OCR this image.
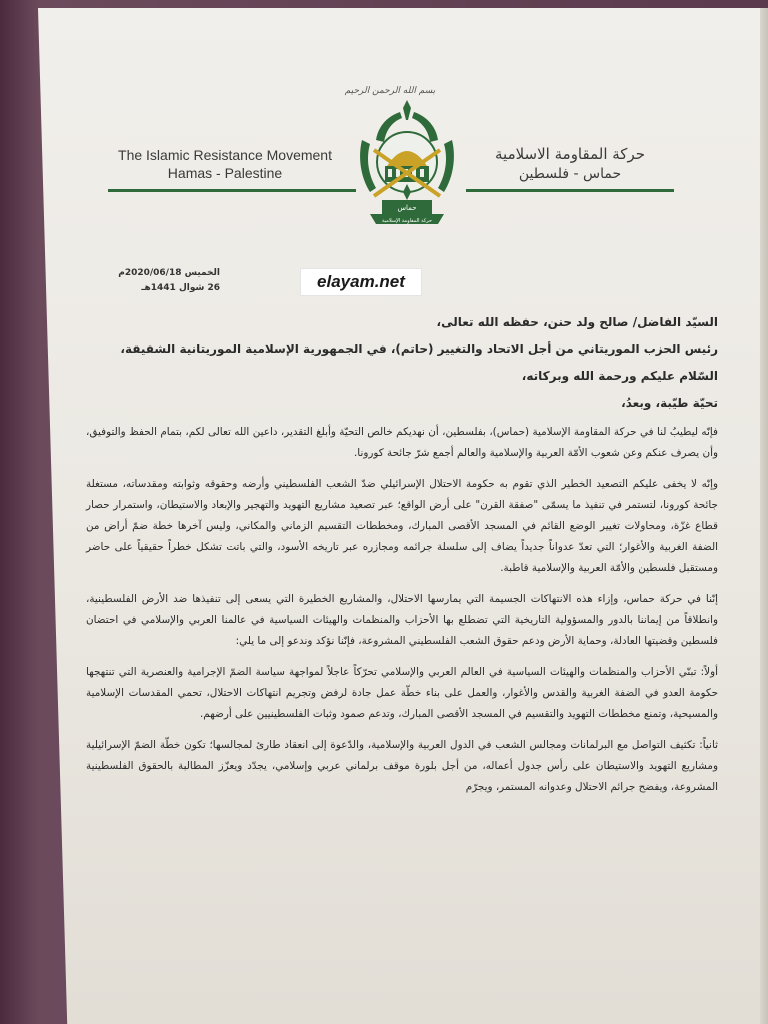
بسم الله الرحمن الرحيم
The Islamic Resistance Movement
Hamas - Palestine
حركة المقاومة الاسلامية
حماس - فلسطين
حماس
حركة المقاومة الإسلامية
الخميس 2020/06/18م
26 شوال 1441هـ	elayam.net

السيّد الفاضل/ صالح ولد حنن، حفظه الله تعالى،

رئيس الحزب الموريتاني من أجل الاتحاد والتغيير (حاتم)، في الجمهورية الإسلامية الموريتانية الشقيقة،

السّلام عليكم ورحمة الله وبركاته،

تحيّة طيّبة، وبعدُ،

فإنّه ليطيبُ لنا في حركة المقاومة الإسلامية (حماس)، بفلسطين، أن نهديكم خالص التحيّة وأبلغ التقدير، داعين الله تعالى لكم، بتمام الحفظ والتوفيق، وأن يصرف عنكم وعن شعوب الأمّة العربية والإسلامية والعالم أجمع شرّ جائحة كورونا.

وإنّه لا يخفى عليكم التصعيد الخطير الذي تقوم به حكومة الاحتلال الإسرائيلي ضدّ الشعب الفلسطيني وأرضه وحقوقه وثوابته ومقدساته، مستغلة جائحة كورونا، لتستمر في تنفيذ ما يسمّى "صفقة القرن" على أرض الواقع؛ عبر تصعيد مشاريع التهويد والتهجير والإبعاد والاستيطان، واستمرار حصار قطاع غزّة، ومحاولات تغيير الوضع القائم في المسجد الأقصى المبارك، ومخططات التقسيم الزماني والمكاني، وليس آخرها خطة ضمّ أراض من الضفة الغربية والأغوار؛ التي تعدّ عدواناً جديداً يضاف إلى سلسلة جرائمه ومجازره عبر تاريخه الأسود، والتي باتت تشكل خطراً حقيقياً على حاضر ومستقبل فلسطين والأمّة العربية والإسلامية قاطبة.

إنّنا في حركة حماس، وإزاء هذه الانتهاكات الجسيمة التي يمارسها الاحتلال، والمشاريع الخطيرة التي يسعى إلى تنفيذها ضد الأرض الفلسطينية، وانطلاقاً من إيماننا بالدور والمسؤولية التاريخية التي تضطلع بها الأحزاب والمنظمات والهيئات السياسية في عالمنا العربي والإسلامي في احتضان فلسطين وقضيتها العادلة، وحماية الأرض ودعم حقوق الشعب الفلسطيني المشروعة، فإنّنا نؤكد وندعو إلى ما يلي:

أولاً: تبنّي الأحزاب والمنظمات والهيئات السياسية في العالم العربي والإسلامي تحرّكاً عاجلاً لمواجهة سياسة الضمّ الإجرامية والعنصرية التي تنتهجها حكومة العدو في الضفة الغربية والقدس والأغوار، والعمل على بناء خطّة عمل جادة لرفض وتجريم انتهاكات الاحتلال، تحمي المقدسات الإسلامية والمسيحية، وتمنع مخططات التهويد والتقسيم في المسجد الأقصى المبارك، وتدعم صمود وثبات الفلسطينيين على أرضهم.

ثانياً: تكثيف التواصل مع البرلمانات ومجالس الشعب في الدول العربية والإسلامية، والدّعوة إلى انعقاد طارئ لمجالسها؛ تكون خطّة الضمّ الإسرائيلية ومشاريع التهويد والاستيطان على رأس جدول أعماله، من أجل بلورة موقف برلماني عربي وإسلامي، يجدّد ويعزّز المطالبة بالحقوق الفلسطينية المشروعة، ويفضح جرائم الاحتلال وعدوانه المستمر، ويجرّم
